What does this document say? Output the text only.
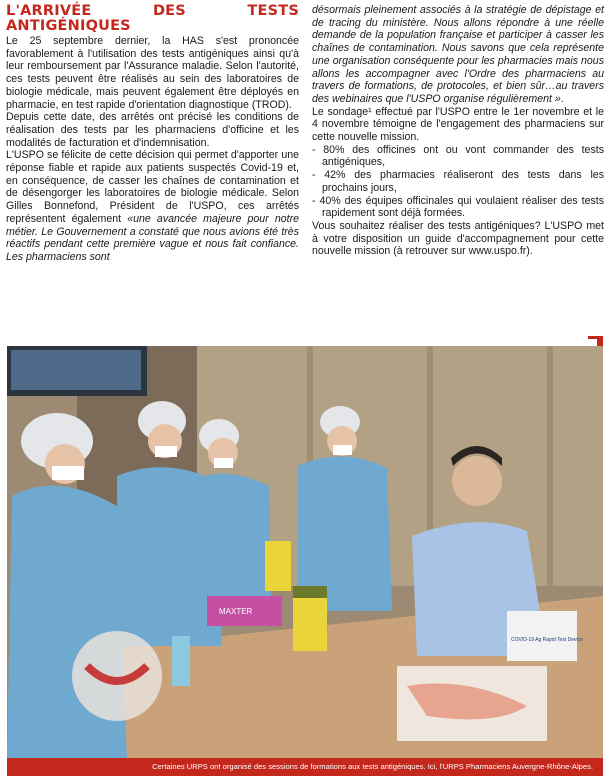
L'ARRIVÉE DES TESTS ANTIGÉNIQUES

Le 25 septembre dernier, la HAS s'est prononcée favorablement à l'utilisation des tests antigéniques ainsi qu'à leur remboursement par l'Assurance maladie. Selon l'autorité, ces tests peuvent être réalisés au sein des laboratoires de biologie médicale, mais peuvent également être déployés en pharmacie, en test rapide d'orientation diagnostique (TROD).

Depuis cette date, des arrêtés ont précisé les conditions de réalisation des tests par les pharmaciens d'officine et les modalités de facturation et d'indemnisation.

L'USPO se félicite de cette décision qui permet d'apporter une réponse fiable et rapide aux patients suspectés Covid-19 et, en conséquence, de casser les chaînes de contamination et de désengorger les laboratoires de biologie médicale. Selon Gilles Bonnefond, Président de l'USPO, ces arrêtés représentent également «une avancée majeure pour notre métier. Le Gouvernement a constaté que nous avions été très réactifs pendant cette première vague et nous fait confiance. Les pharmaciens sont

désormais pleinement associés à la stratégie de dépistage et de tracing du ministère. Nous allons répondre à une réelle demande de la population française et participer à casser les chaînes de contamination. Nous savons que cela représente une organisation conséquente pour les pharmacies mais nous allons les accompagner avec l'Ordre des pharmaciens au travers de formations, de protocoles, et bien sûr…au travers des webinaires que l'USPO organise régulièrement ».

Le sondage¹ effectué par l'USPO entre le 1er novembre et le 4 novembre témoigne de l'engagement des pharmaciens sur cette nouvelle mission.

- 80% des officines ont ou vont commander des tests antigéniques,
- 42% des pharmacies réaliseront des tests dans les prochains jours,
- 40% des équipes officinales qui voulaient réaliser des tests rapidement sont déjà formées.

Vous souhaitez réaliser des tests antigéniques? L'USPO met à votre disposition un guide d'accompagnement pour cette nouvelle mission (à retrouver sur www.uspo.fr).

MAXTER
COVID-19 Ag Rapid Test Device
Certaines URPS ont organisé des sessions de formations aux tests antigéniques. Ici, l'URPS Pharmaciens Auvergne-Rhône-Alpes.
